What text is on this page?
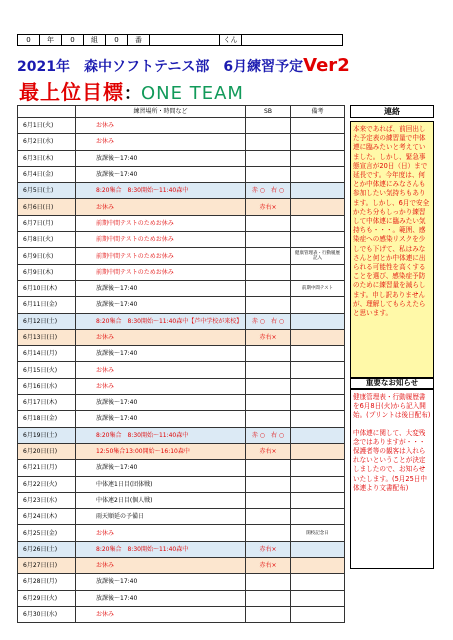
0	年	0	組	0	番	くん
2021年　森中ソフトテニス部　6月練習予定Ver2
最上位目標：ONE TEAM
	練習場所・時間など	SB	備考
6月1日(火)	お休み		
6月2日(水)	お休み		
6月3日(木)	放課後～17:40		
6月4日(金)	放課後～17:40		
6月5日(土)	8:20集合　8:30開始～11:40森中	赤 ○　右 ○	
6月6日(日)	お休み	赤右×	
6月7日(月)	前期中間テストのためお休み		
6月8日(火)	前期中間テストのためお休み		
6月9日(水)	前期中間テストのためお休み		健康管理表・行動履歴記入
6月9日(木)	前期中間テストのためお休み		
6月10日(木)	放課後～17:40		前期中間テスト
6月11日(金)	放課後～17:40		
6月12日(土)	8:20集合　8:30開始～11:40森中【芦中学校が来校】	赤 ○　右 ○	
6月13日(日)	お休み	赤右×	
6月14日(月)	放課後～17:40		
6月15日(火)	お休み		
6月16日(水)	お休み		
6月17日(木)	放課後～17:40		
6月18日(金)	放課後～17:40		
6月19日(土)	8:20集合　8:30開始～11:40森中	赤 ○　右 ○	
6月20日(日)	12:50集合13:00開始～16:10森中	赤右×	
6月21日(月)	放課後～17:40		
6月22日(火)	中体連1日目(団体戦)		
6月23日(水)	中体連2日目(個人戦)		
6月24日(木)	雨天順延の予備日		
6月25日(金)	お休み		開校記念日
6月26日(土)	8:20集合　8:30開始～11:40森中	赤右×	
6月27日(日)	お休み	赤右×	
6月28日(月)	放課後～17:40		
6月29日(火)	放課後～17:40		
6月30日(水)	お休み		
連絡
本来であれば、前回出した予定表の練習量で中体連に臨みたいと考えていました。しかし、緊急事態宣言が20日（日）まで延長です。今年度は、何とか中体連にみなさんも参加したい気持ちもあります。しかし、6月で安全かたち分もしっかり練習して中体連に臨みたい気持ちも・・・。範囲、感染症への感染リスクを少しでも下げて、私はみなさんと何とか中体連に出られる可能性を高くすることを選び、感染症予防のために練習量を減らします。申し訳ありませんが、理解してもらえたらと思います。
重要なお知らせ

健康管理表・行動履歴書を6月8日(火)から記入開始。(プリントは後日配布)

中体連に関して、大変残念ではありますが・・・保護者等の観客は入れられないということが決定しましたので、お知らせいたします。(5月25日中体連より文書配布)
